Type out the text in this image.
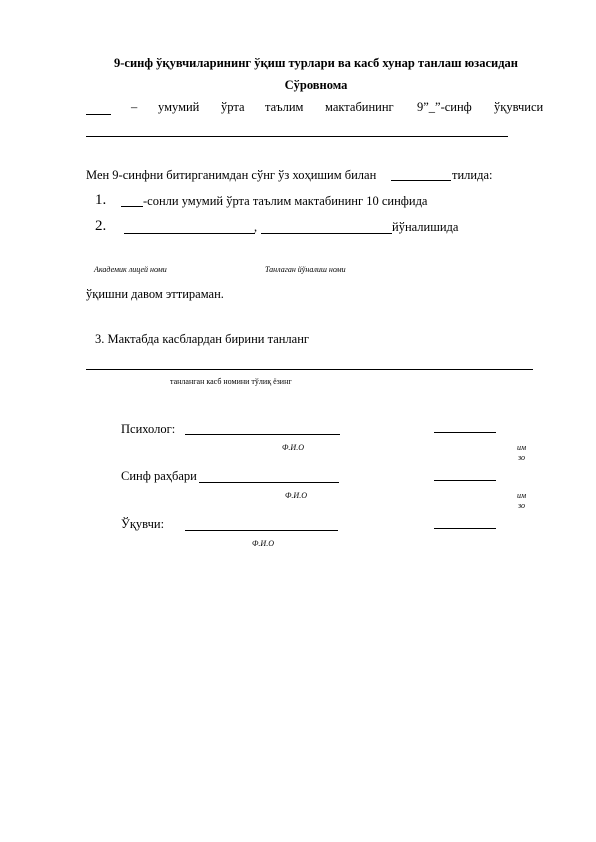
9-синф ўқувчиларининг ўқиш турлари ва касб хунар танлаш юзасидан
Сўровнома
– умумий ўрта таълим мактабининг 9”_”-синф ўқувчиси
Мен 9-синфни битирганимдан сўнг ўз хоҳишим билан	тилида:
1.	-сонли умумий ўрта таълим мактабининг 10 синфида
2.	,	йўналишида
Академик лицей номи	Танлаган йўналиш номи
ўқишни давом эттираман.
3. Мактабда касблардан бирини танланг
танланган касб номини тўлиқ ёзинг
Психолог:
Ф.И.О	им
зо
Синф раҳбари
Ф.И.О	им
зо
Ўқувчи:
Ф.И.О
